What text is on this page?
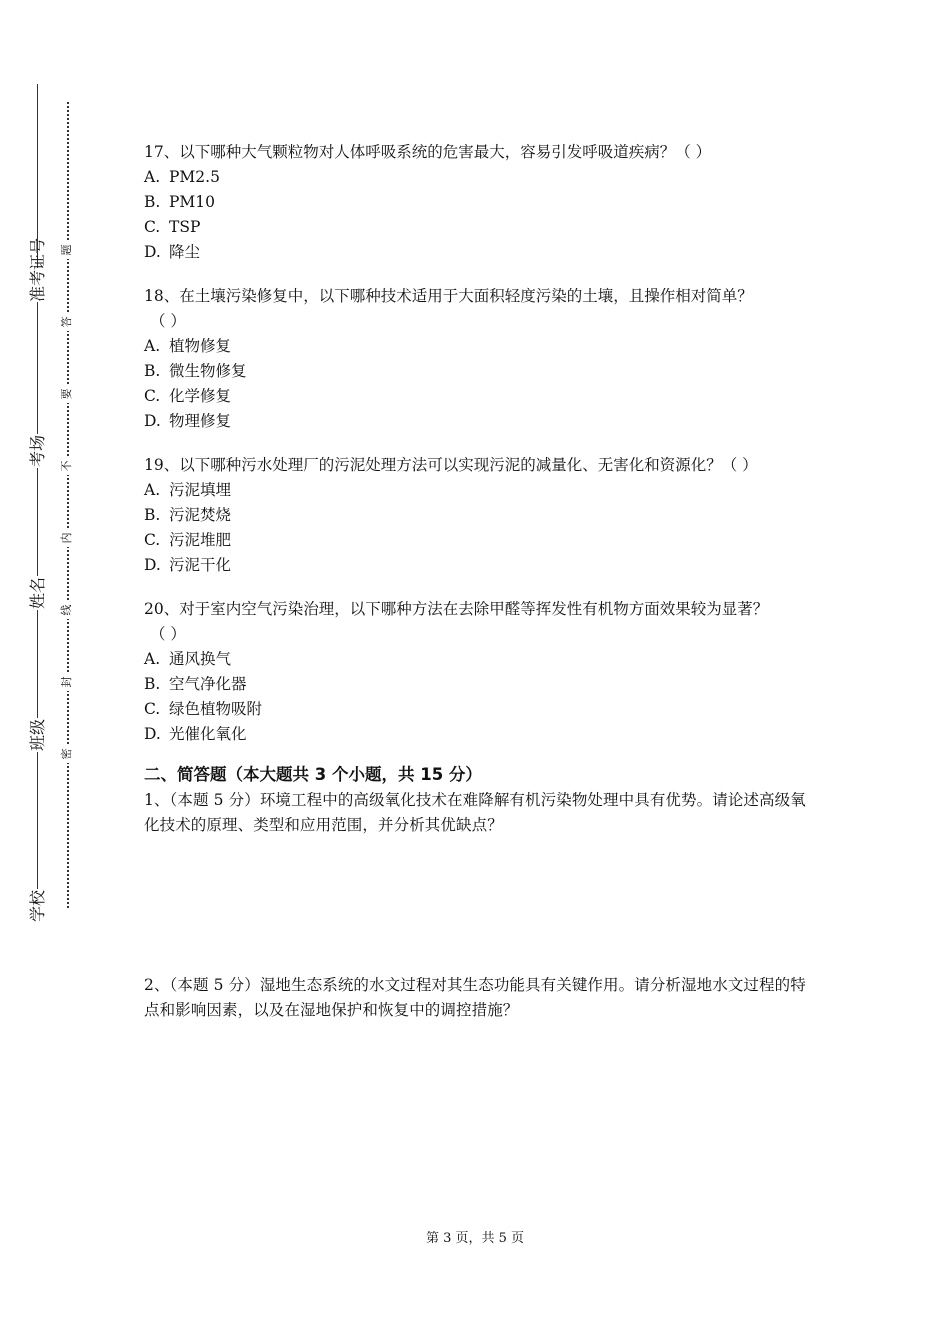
准考证号
考场
姓名
班级
学校
题
答
要
不
内
线
封
密

17、以下哪种大气颗粒物对人体呼吸系统的危害最大，容易引发呼吸道疾病？（ ）

A. PM2.5

B. PM10

C. TSP

D. 降尘

18、在土壤污染修复中，以下哪种技术适用于大面积轻度污染的土壤，且操作相对简单？

（ ）

A. 植物修复

B. 微生物修复

C. 化学修复

D. 物理修复

19、以下哪种污水处理厂的污泥处理方法可以实现污泥的减量化、无害化和资源化？（ ）

A. 污泥填埋

B. 污泥焚烧

C. 污泥堆肥

D. 污泥干化

20、对于室内空气污染治理，以下哪种方法在去除甲醛等挥发性有机物方面效果较为显著？

（ ）

A. 通风换气

B. 空气净化器

C. 绿色植物吸附

D. 光催化氧化

二、简答题（本大题共 3 个小题，共 15 分）

1、（本题 5 分）环境工程中的高级氧化技术在难降解有机污染物处理中具有优势。请论述高级氧化技术的原理、类型和应用范围，并分析其优缺点？

2、（本题 5 分）湿地生态系统的水文过程对其生态功能具有关键作用。请分析湿地水文过程的特点和影响因素，以及在湿地保护和恢复中的调控措施？

第 3 页，共 5 页
